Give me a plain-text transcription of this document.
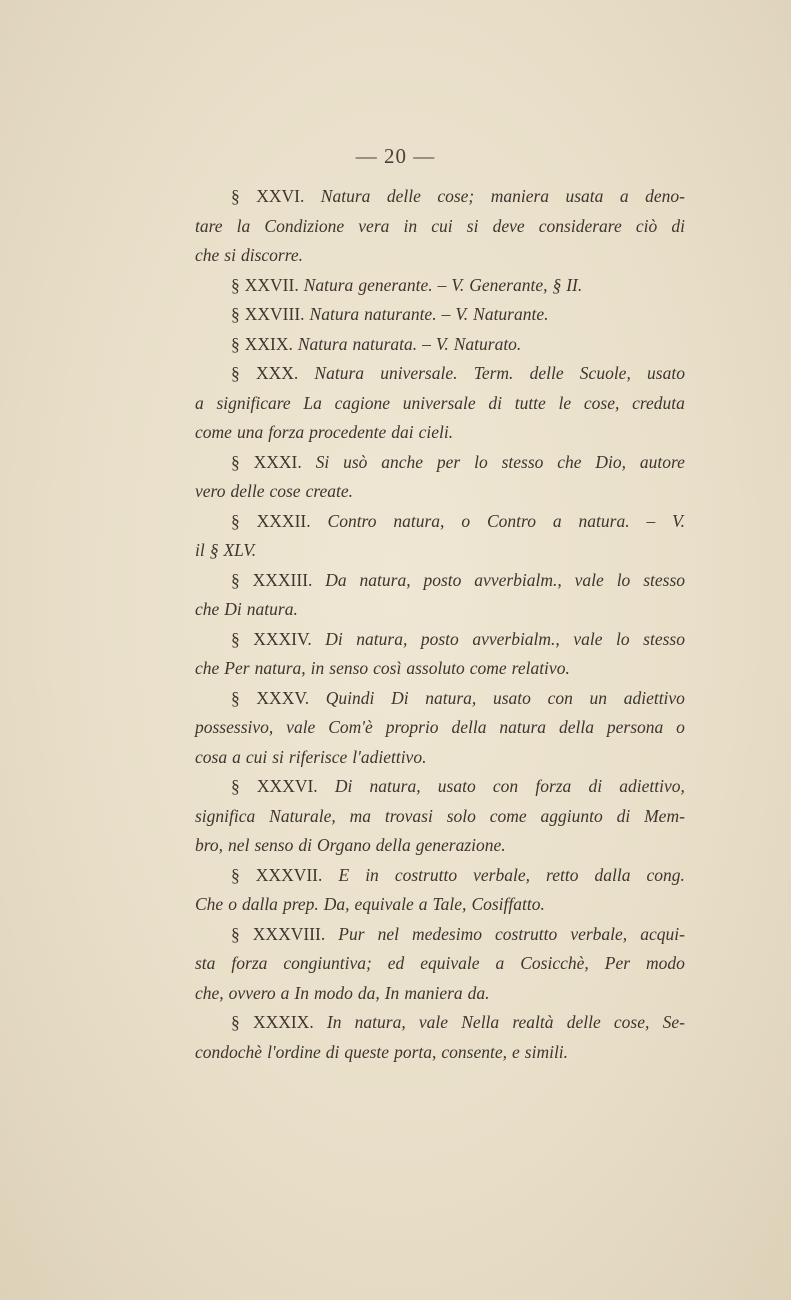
— 20 —
§ XXVI. Natura delle cose; maniera usata a deno-
tare la Condizione vera in cui si deve considerare ciò di
che si discorre.
§ XXVII. Natura generante. – V. Generante, § II.
§ XXVIII. Natura naturante. – V. Naturante.
§ XXIX. Natura naturata. – V. Naturato.
§ XXX. Natura universale. Term. delle Scuole, usato
a significare La cagione universale di tutte le cose, creduta
come una forza procedente dai cieli.
§ XXXI. Si usò anche per lo stesso che Dio, autore
vero delle cose create.
§ XXXII. Contro natura, o Contro a natura. – V.
il § XLV.
§ XXXIII. Da natura, posto avverbialm., vale lo stesso
che Di natura.
§ XXXIV. Di natura, posto avverbialm., vale lo stesso
che Per natura, in senso così assoluto come relativo.
§ XXXV. Quindi Di natura, usato con un adiettivo
possessivo, vale Com'è proprio della natura della persona o
cosa a cui si riferisce l'adiettivo.
§ XXXVI. Di natura, usato con forza di adiettivo,
significa Naturale, ma trovasi solo come aggiunto di Mem-
bro, nel senso di Organo della generazione.
§ XXXVII. E in costrutto verbale, retto dalla cong.
Che o dalla prep. Da, equivale a Tale, Cosiffatto.
§ XXXVIII. Pur nel medesimo costrutto verbale, acqui-
sta forza congiuntiva; ed equivale a Cosicchè, Per modo
che, ovvero a In modo da, In maniera da.
§ XXXIX. In natura, vale Nella realtà delle cose, Se-
condochè l'ordine di queste porta, consente, e simili.
